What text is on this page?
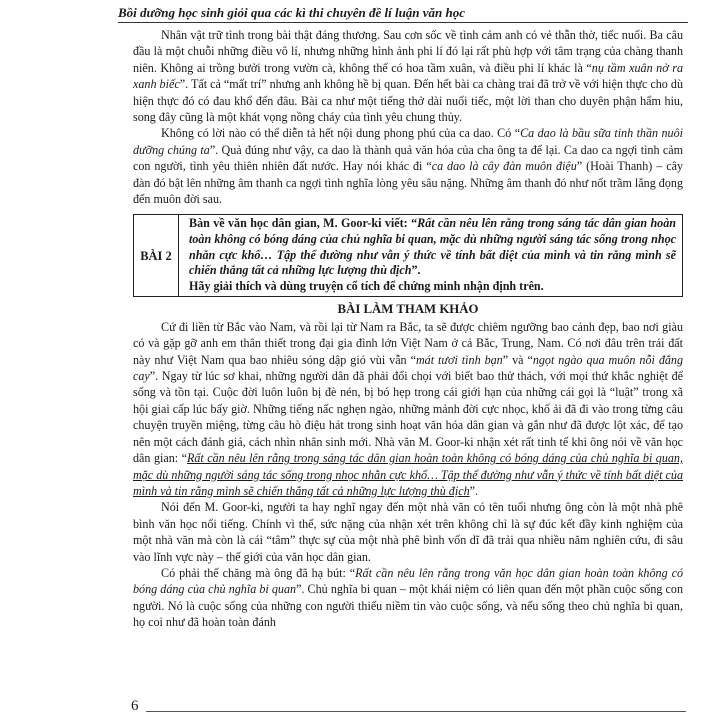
Bồi dưỡng học sinh giỏi qua các kì thi chuyên đề lí luận văn học

Nhân vật trữ tình trong bài thật đáng thương. Sau cơn sốc về tình cảm anh có vẻ thẫn thờ, tiếc nuối. Ba câu đầu là một chuỗi những điều vô lí, nhưng những hình ảnh phi lí đó lại rất phù hợp với tâm trạng của chàng thanh niên. Không ai trồng bưởi trong vườn cà, không thể có hoa tầm xuân, và điều phi lí khác là “nụ tầm xuân nở ra xanh biếc”. Tất cả “mất trí” nhưng anh không hề bị quan. Đến hết bài ca chàng trai đã trở về với hiện thực cho dù hiện thực đó có đau khổ đến đâu. Bài ca như một tiếng thở dài nuối tiếc, một lời than cho duyên phận hẩm hiu, song đây cũng là một khát vọng nồng cháy của tình yêu chung thủy.

Không có lời nào có thể diễn tả hết nội dung phong phú của ca dao. Có “Ca dao là bầu sữa tinh thần nuôi dưỡng chúng ta”. Quả đúng như vậy, ca dao là thành quả văn hóa của cha ông ta để lại. Ca dao ca ngợi tình cảm con người, tình yêu thiên nhiên đất nước. Hay nói khác đi “ca dao là cây đàn muôn điệu” (Hoài Thanh) – cây đàn đó bật lên những âm thanh ca ngợi tình nghĩa lòng yêu sâu nặng. Những âm thanh đó như nốt trầm lắng đọng đến muôn đời sau.

BÀI 2

Bàn về văn học dân gian, M. Goor-ki viết: “Rất cần nêu lên rằng trong sáng tác dân gian hoàn toàn không có bóng dáng của chủ nghĩa bi quan, mặc dù những người sáng tác sống trong nhọc nhằn cực khổ… Tập thể đường như vẫn ý thức về tính bất diệt của mình và tin rằng mình sẽ chiến thắng tất cả những lực lượng thù địch”.

Hãy giải thích và dùng truyện cổ tích để chứng minh nhận định trên.

BÀI LÀM THAM KHẢO

Cứ đi liền từ Bắc vào Nam, và rồi lại từ Nam ra Bắc, ta sẽ được chiêm ngưỡng bao cảnh đẹp, bao nơi giàu có và gặp gỡ anh em thân thiết trong đại gia đình lớn Việt Nam ở cả Bắc, Trung, Nam. Có nơi đâu trên trái đất này như Việt Nam qua bao nhiêu sóng dập gió vùi vẫn “mát tươi tình bạn” và “ngọt ngào qua muôn nỗi đắng cay”. Ngay từ lúc sơ khai, những người dân đã phải đối chọi với biết bao thử thách, với mọi thứ khắc nghiệt để sống và tồn tại. Cuộc đời luôn luôn bị đè nén, bị bó hẹp trong cái giới hạn của những cái gọi là “luật” trong xã hội giai cấp lúc bấy giờ. Những tiếng nấc nghẹn ngào, những mảnh đời cực nhọc, khổ ải đã đi vào trong từng câu chuyện truyền miệng, từng câu hò điệu hát trong sinh hoạt văn hóa dân gian và gắn như đã được lột xác, để tạo nên một cách đánh giá, cách nhìn nhân sinh mới. Nhà văn M. Goor-ki nhận xét rất tinh tế khi ông nói về văn học dân gian: “Rất cần nêu lên rằng trong sáng tác dân gian hoàn toàn không có bóng dáng của chủ nghĩa bi quan, mặc dù những người sáng tác sống trong nhọc nhằn cực khổ… Tập thể đường như vẫn ý thức về tính bất diệt của mình và tin rằng mình sẽ chiến thắng tất cả những lực lượng thù địch”.

Nói đến M. Goor-ki, người ta hay nghĩ ngay đến một nhà văn có tên tuổi nhưng ông còn là một nhà phê bình văn học nổi tiếng. Chính vì thế, sức nặng của nhận xét trên không chỉ là sự đúc kết đầy kinh nghiệm của một nhà văn mà còn là cái “tâm” thực sự của một nhà phê bình vốn dĩ đã trải qua nhiều năm nghiên cứu, đi sâu vào lĩnh vực này – thế giới của văn học dân gian.

Có phải thế chăng mà ông đã hạ bút: “Rất cần nêu lên rằng trong văn học dân gian hoàn toàn không có bóng dáng của chủ nghĩa bi quan”. Chủ nghĩa bi quan – một khái niệm có liên quan đến một phần cuộc sống con người. Nó là cuộc sống của những con người thiếu niềm tin vào cuộc sống, và nếu sống theo chủ nghĩa bi quan, họ coi như đã hoàn toàn đánh

6
